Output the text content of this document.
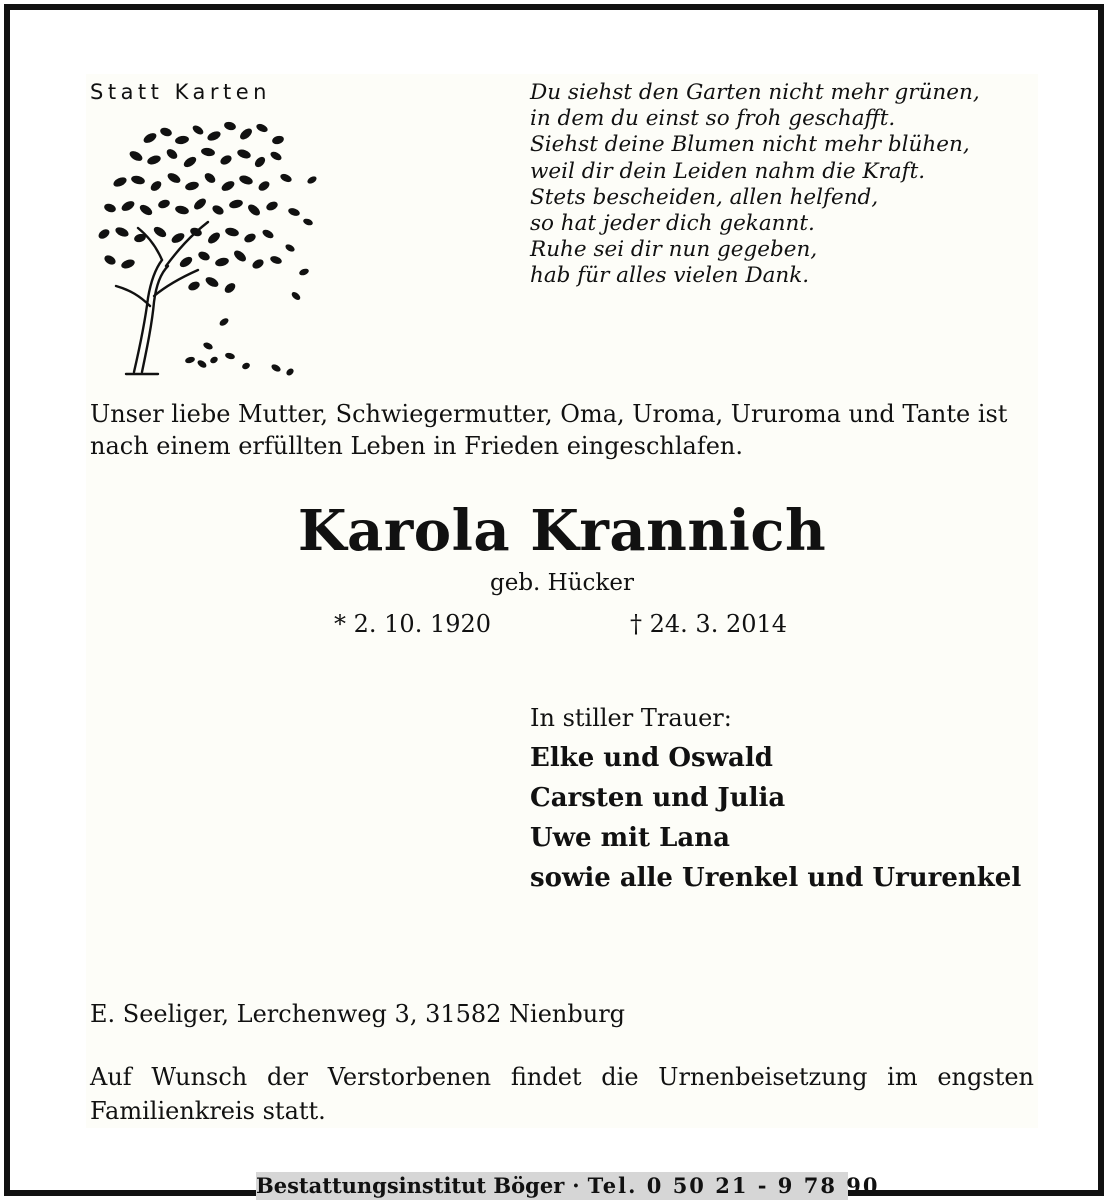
Statt Karten	Du siehst den Garten nicht mehr grünen,
in dem du einst so froh geschafft.
Siehst deine Blumen nicht mehr blühen,
weil dir dein Leiden nahm die Kraft.
Stets bescheiden, allen helfend,
so hat jeder dich gekannt.
Ruhe sei dir nun gegeben,
hab für alles vielen Dank.
Unser liebe Mutter, Schwiegermutter, Oma, Uroma, Ururoma und Tante ist nach einem erfüllten Leben in Frieden eingeschlafen.
Karola Krannich
geb. Hücker
* 2. 10. 1920	† 24. 3. 2014
In stiller Trauer:
Elke und Oswald
Carsten und Julia
Uwe mit Lana
sowie alle Urenkel und Ururenkel
E. Seeliger, Lerchenweg 3, 31582 Nienburg
Auf Wunsch der Verstorbenen findet die Urnenbeisetzung im engsten Familienkreis statt.
Bestattungsinstitut Böger · Tel. 0 50 21 - 9 78 90
